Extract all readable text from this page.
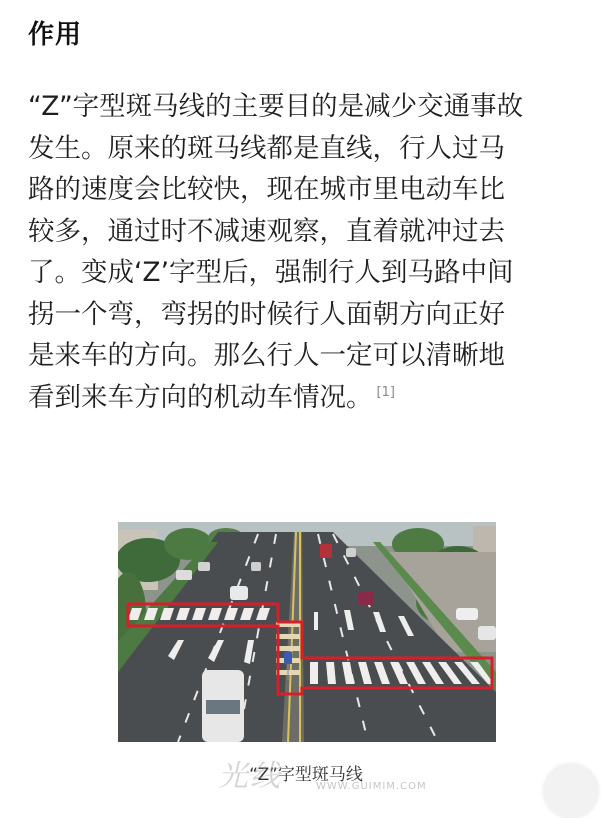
作用
“Z”字型斑马线的主要目的是减少交通事故
发生。原来的斑马线都是直线，行人过马
路的速度会比较快，现在城市里电动车比
较多，通过时不减速观察，直着就冲过去
了。变成‘Z’字型后，强制行人到马路中间
拐一个弯，弯拐的时候行人面朝方向正好
是来车的方向。那么行人一定可以清晰地
看到来车方向的机动车情况。 [1]
“Z”字型斑马线
光线	WWW.GUIMIM.COM
